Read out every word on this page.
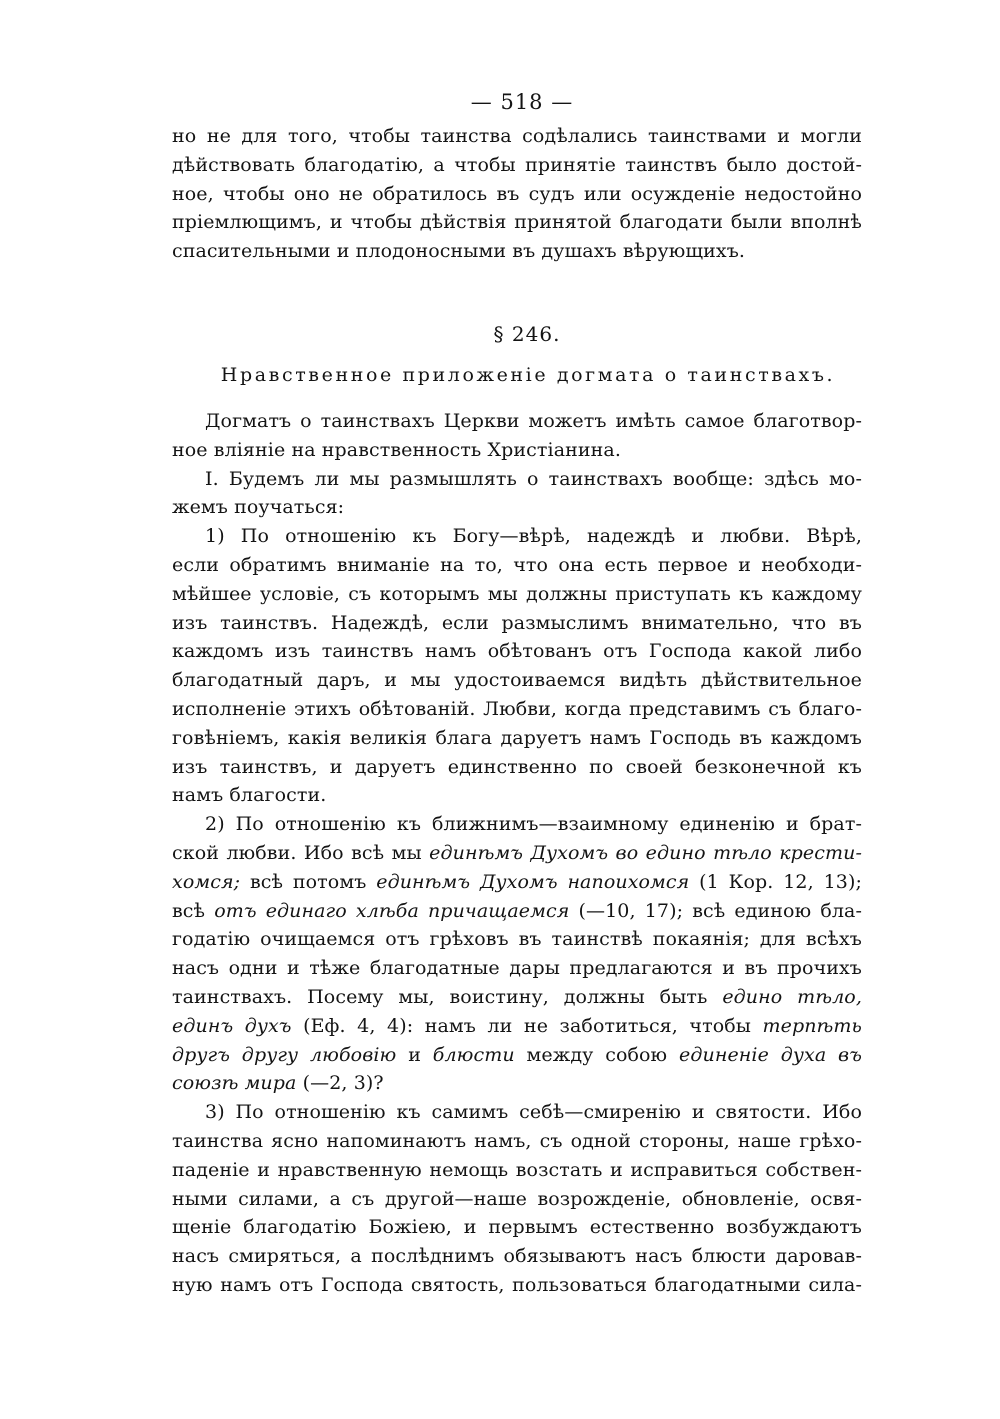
— 518 —
но не для того, чтобы таинства содѣлались таинствами и могли
дѣйствовать благодатію, а чтобы принятіе таинствъ было достой-
ное, чтобы оно не обратилось въ судъ или осужденіе недостойно
пріемлющимъ, и чтобы дѣйствія принятой благодати были вполнѣ
спасительными и плодоносными въ душахъ вѣрующихъ.
§ 246.
Нравственное приложеніе догмата о таинствахъ.
Догматъ о таинствахъ Церкви можетъ имѣть самое благотвор-
ное вліяніе на нравственность Христіанина.
I. Будемъ ли мы размышлять о таинствахъ вообще: здѣсь мо-
жемъ поучаться:
1) По отношенію къ Богу—вѣрѣ, надеждѣ и любви. Вѣрѣ,
если обратимъ вниманіе на то, что она есть первое и необходи-
мѣйшее условіе, съ которымъ мы должны приступать къ каждому
изъ таинствъ. Надеждѣ, если размыслимъ внимательно, что въ
каждомъ изъ таинствъ намъ обѣтованъ отъ Господа какой либо
благодатный даръ, и мы удостоиваемся видѣть дѣйствительное
исполненіе этихъ обѣтованій. Любви, когда представимъ съ благо-
говѣніемъ, какія великія блага даруетъ намъ Господь въ каждомъ
изъ таинствъ, и даруетъ единственно по своей безконечной къ
намъ благости.
2) По отношенію къ ближнимъ—взаимному единенію и брат-
ской любви. Ибо всѣ мы единѣмъ Духомъ во едино тѣло крести-
хомся; всѣ потомъ единѣмъ Духомъ напоихомся (1 Кор. 12, 13);
всѣ отъ единаго хлѣба причащаемся (—10, 17); всѣ единою бла-
годатію очищаемся отъ грѣховъ въ таинствѣ покаянія; для всѣхъ
насъ одни и тѣже благодатные дары предлагаются и въ прочихъ
таинствахъ. Посему мы, воистину, должны быть едино тѣло,
единъ духъ (Еф. 4, 4): намъ ли не заботиться, чтобы терпѣть
другъ другу любовію и блюсти между собою единеніе духа въ
союзѣ мира (—2, 3)?
3) По отношенію къ самимъ себѣ—смиренію и святости. Ибо
таинства ясно напоминаютъ намъ, съ одной стороны, наше грѣхо-
паденіе и нравственную немощь возстать и исправиться собствен-
ными силами, а съ другой—наше возрожденіе, обновленіе, освя-
щеніе благодатію Божіею, и первымъ естественно возбуждаютъ
насъ смиряться, а послѣднимъ обязываютъ насъ блюсти даровав-
ную намъ отъ Господа святость, пользоваться благодатными сила-
